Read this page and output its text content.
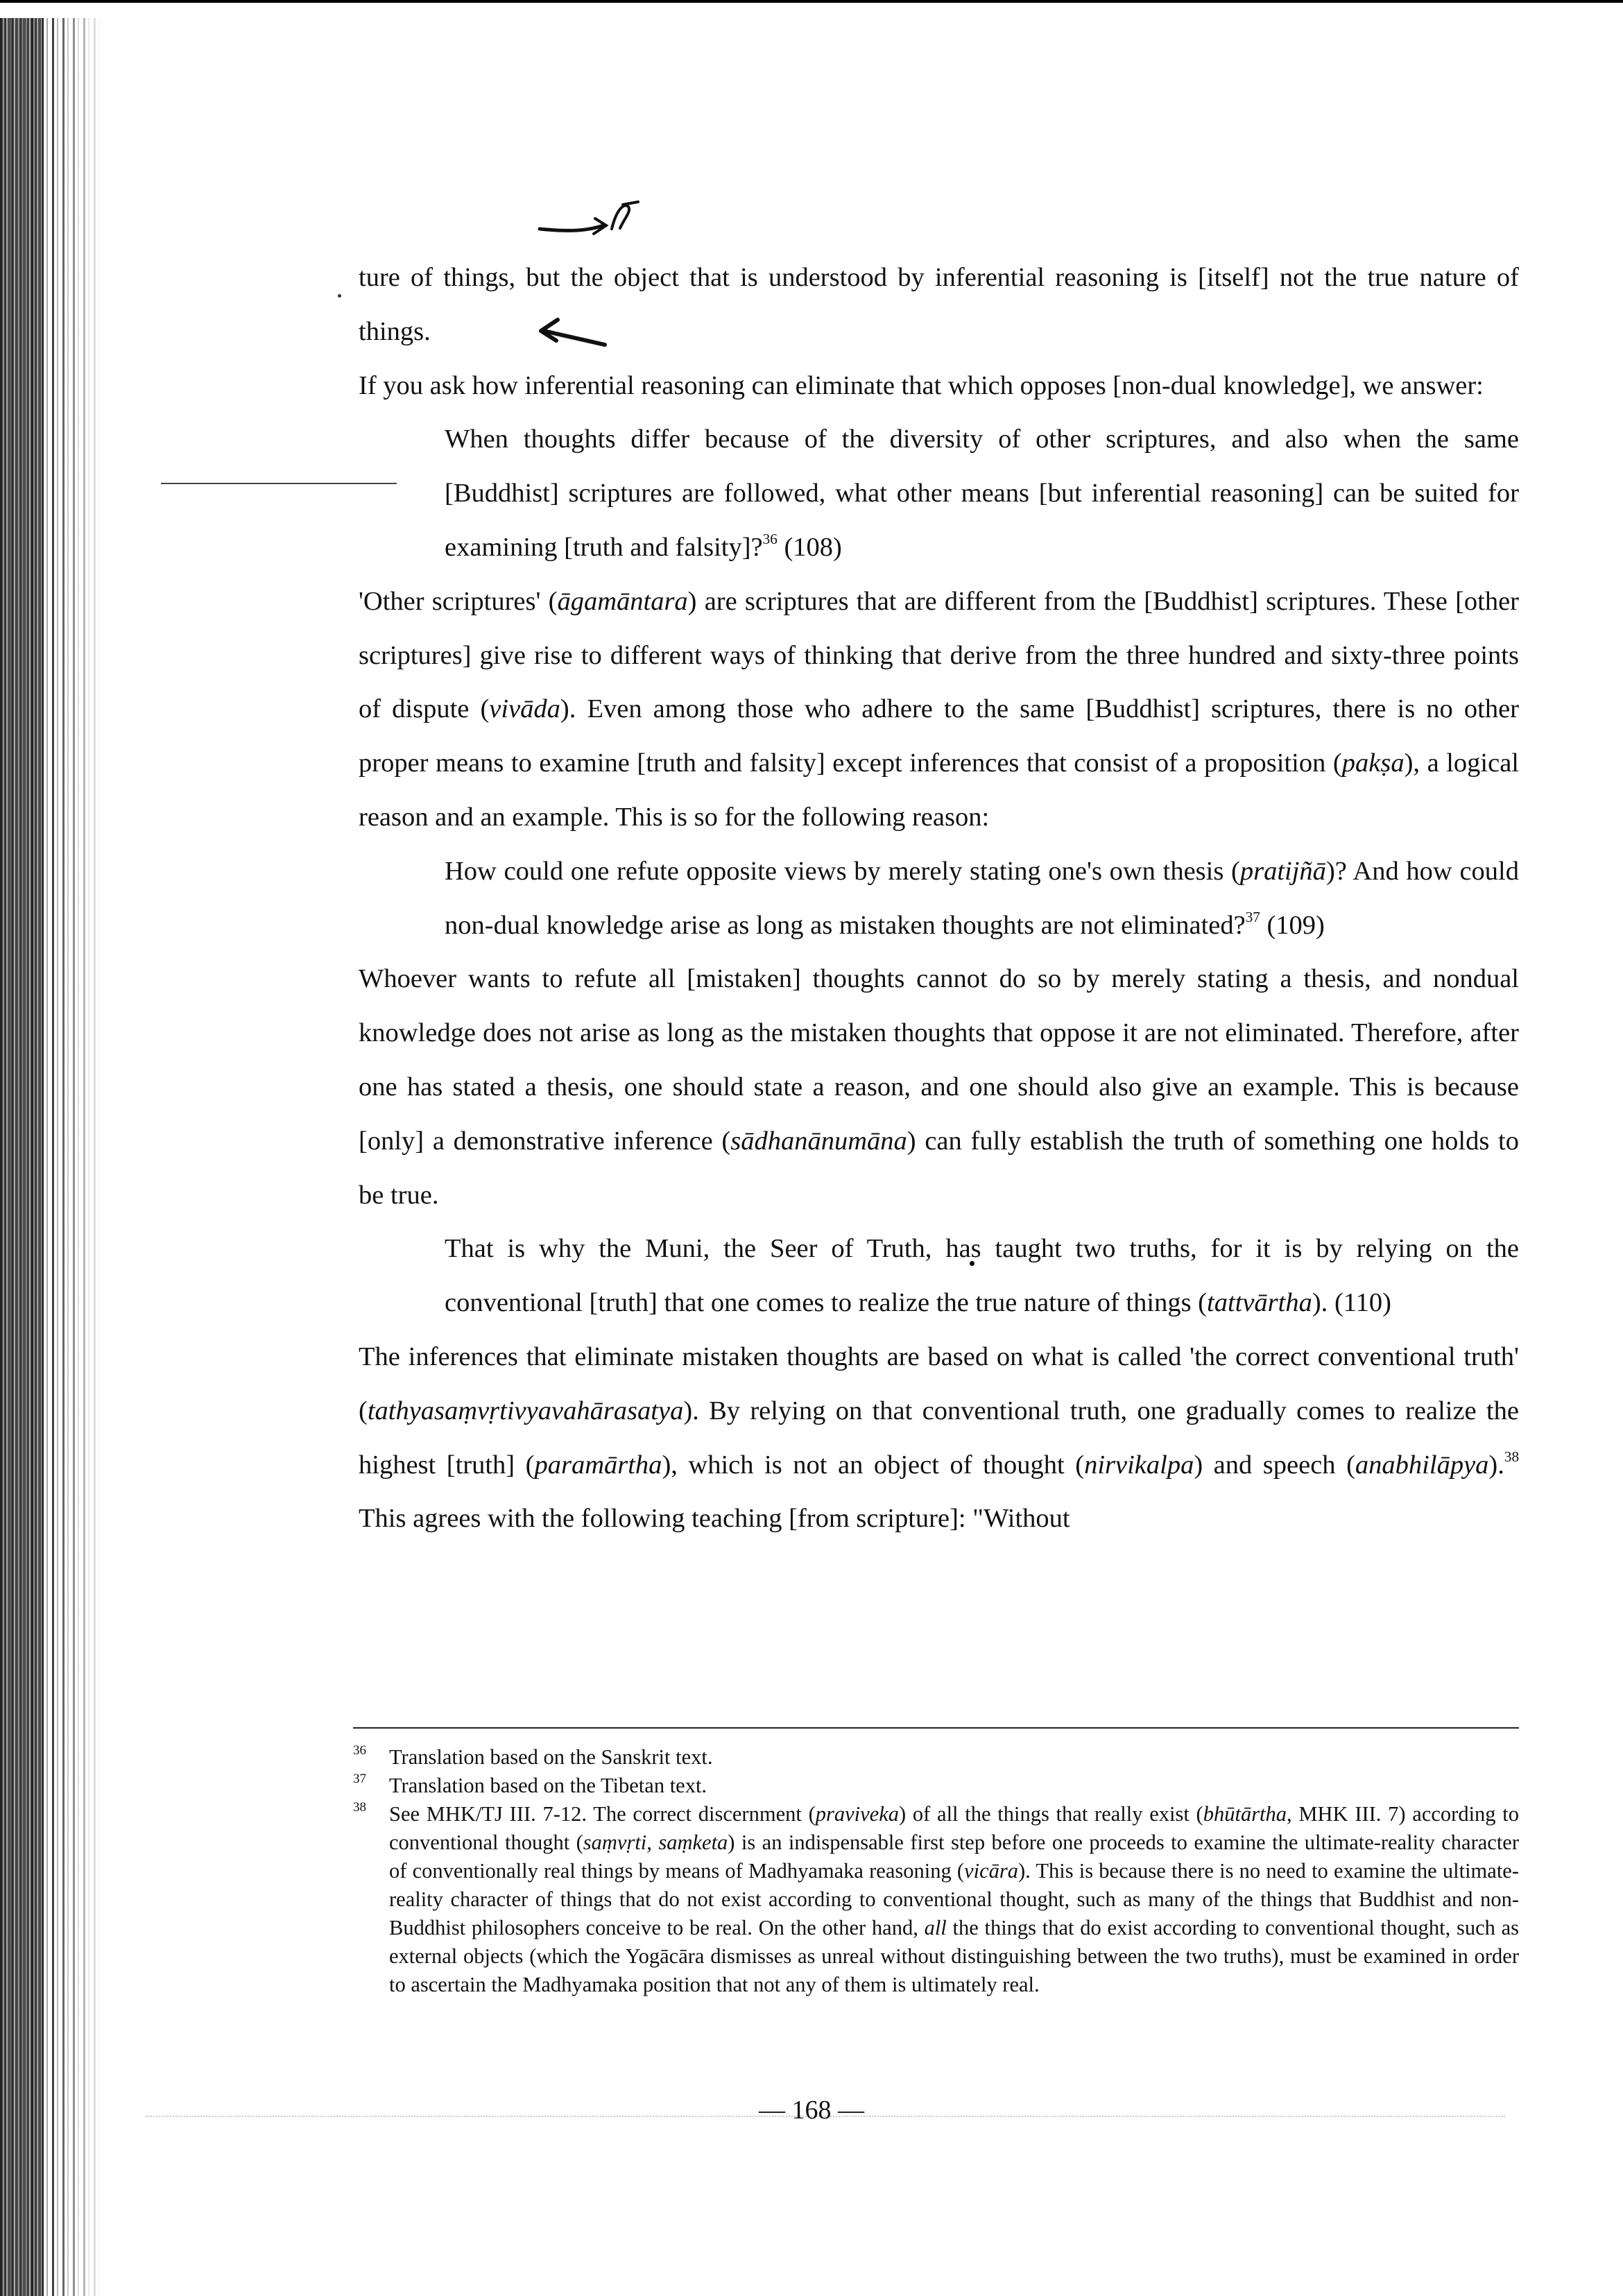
ture of things, but the object that is understood by inferential reasoning is [itself] not the true nature of things.

If you ask how inferential reasoning can eliminate that which opposes [non-dual knowledge], we answer:

When thoughts differ because of the diversity of other scriptures, and also when the same [Buddhist] scriptures are followed, what other means [but inferential reasoning] can be suited for examining [truth and falsity]?$^{36}$ (108)

'Other scriptures' (āgamāntara) are scriptures that are different from the [Buddhist] scriptures. These [other scriptures] give rise to different ways of thinking that derive from the three hundred and sixty-three points of dispute (vivāda). Even among those who adhere to the same [Buddhist] scriptures, there is no other proper means to examine [truth and falsity] except inferences that consist of a proposition (pakṣa), a logical reason and an example. This is so for the following reason:

How could one refute opposite views by merely stating one's own thesis (pratijñā)? And how could non-dual knowledge arise as long as mistaken thoughts are not eliminated?$^{37}$ (109)

Whoever wants to refute all [mistaken] thoughts cannot do so by merely stating a thesis, and nondual knowledge does not arise as long as the mistaken thoughts that oppose it are not eliminated. Therefore, after one has stated a thesis, one should state a reason, and one should also give an example. This is because [only] a demonstrative inference (sādhanānumāna) can fully establish the truth of something one holds to be true.

That is why the Muni, the Seer of Truth, has taught two truths, for it is by relying on the conventional [truth] that one comes to realize the true nature of things (tattvārtha). (110)

The inferences that eliminate mistaken thoughts are based on what is called 'the correct conventional truth' (tathyasaṃvṛtivyavahārasatya). By relying on that conventional truth, one gradually comes to realize the highest [truth] (paramārtha), which is not an object of thought (nirvikalpa) and speech (anabhilāpya).$^{38}$ This agrees with the following teaching [from scripture]: "Without

36 Translation based on the Sanskrit text.
37 Translation based on the Tibetan text.
38 See MHK/TJ III. 7-12. The correct discernment (praviveka) of all the things that really exist (bhūtārtha, MHK III. 7) according to conventional thought (saṃvṛti, saṃketa) is an indispensable first step before one proceeds to examine the ultimate-reality character of conventionally real things by means of Madhyamaka reasoning (vicāra). This is because there is no need to examine the ultimate-reality character of things that do not exist according to conventional thought, such as many of the things that Buddhist and non-Buddhist philosophers conceive to be real. On the other hand, all the things that do exist according to conventional thought, such as external objects (which the Yogācāra dismisses as unreal without distinguishing between the two truths), must be examined in order to ascertain the Madhyamaka position that not any of them is ultimately real.
— 168 —
